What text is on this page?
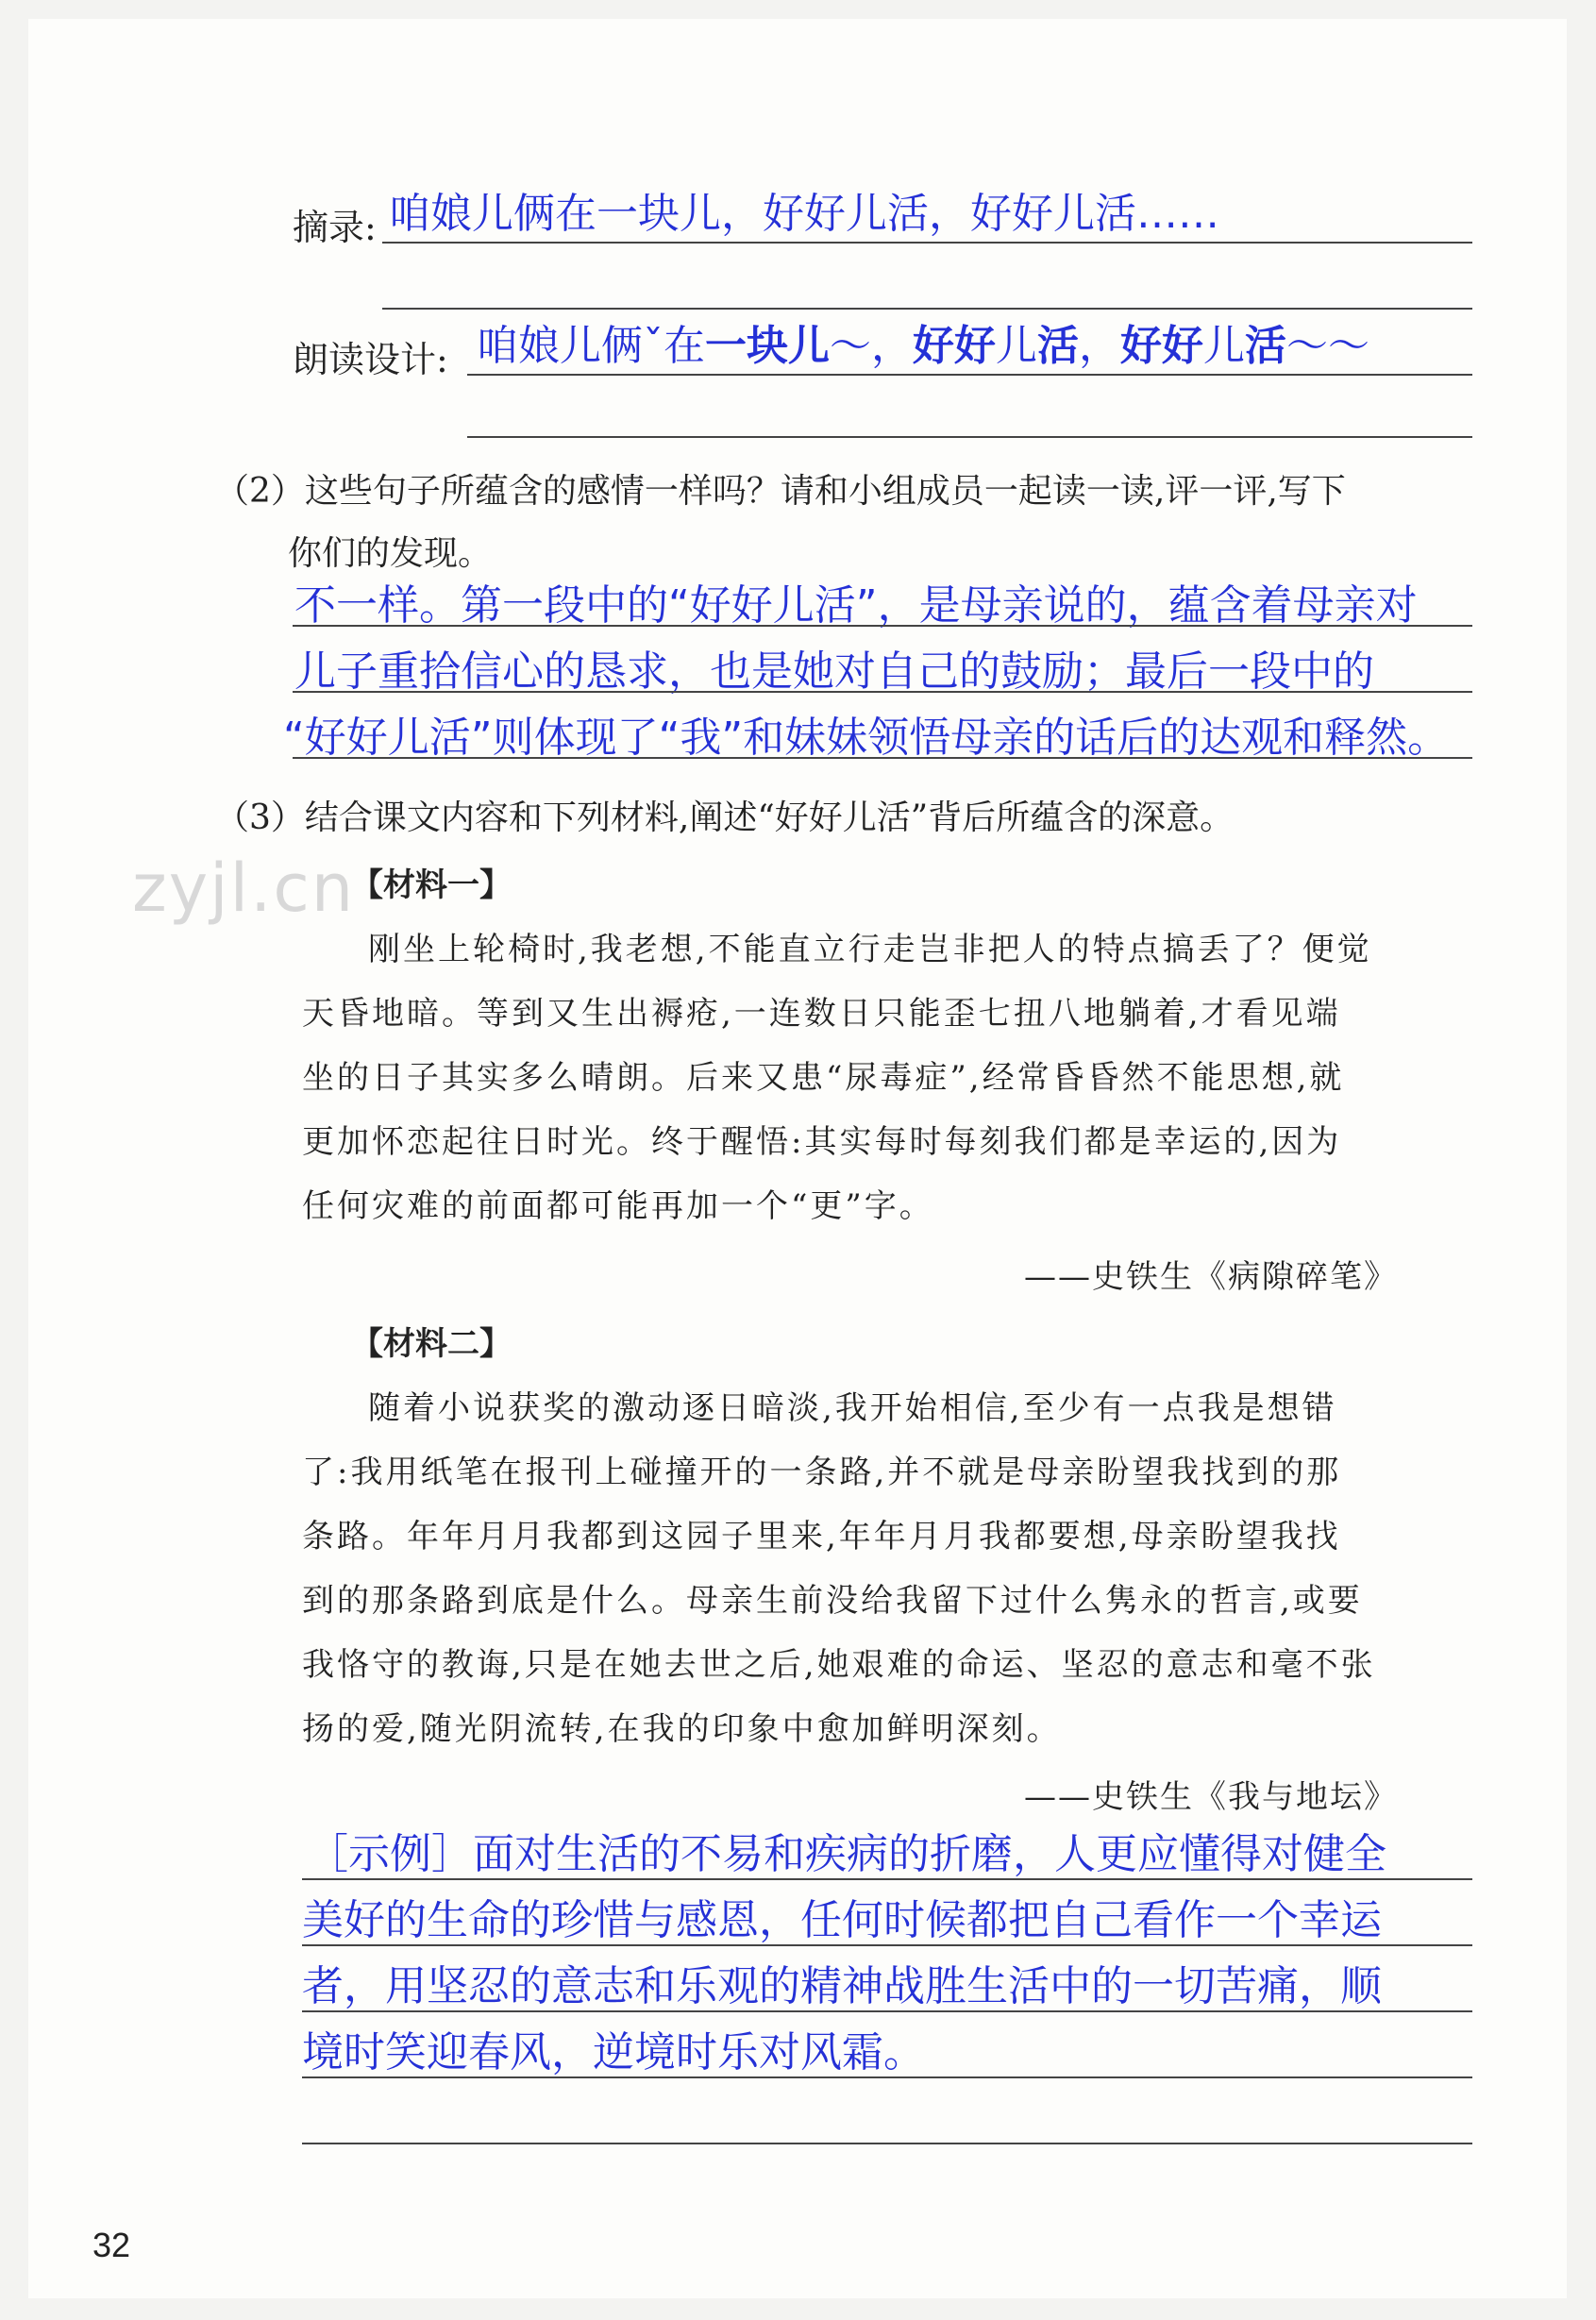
摘录: 咱娘儿俩在一块儿，好好儿活，好好儿活……
朗读设计: 咱娘儿俩ˇ在一块儿～，好好儿活，好好儿活～～
（2）这些句子所蕴含的感情一样吗？请和小组成员一起读一读,评一评,写下
你们的发现。
不一样。第一段中的“好好儿活”，是母亲说的，蕴含着母亲对
儿子重拾信心的恳求，也是她对自己的鼓励；最后一段中的
“好好儿活”则体现了“我”和妹妹领悟母亲的话后的达观和释然。
（3）结合课文内容和下列材料,阐述“好好儿活”背后所蕴含的深意。
zyjl.cn
【材料一】
刚坐上轮椅时,我老想,不能直立行走岂非把人的特点搞丢了？便觉
天昏地暗。等到又生出褥疮,一连数日只能歪七扭八地躺着,才看见端
坐的日子其实多么晴朗。后来又患“尿毒症”,经常昏昏然不能思想,就
更加怀恋起往日时光。终于醒悟:其实每时每刻我们都是幸运的,因为
任何灾难的前面都可能再加一个“更”字。
——史铁生《病隙碎笔》
【材料二】
随着小说获奖的激动逐日暗淡,我开始相信,至少有一点我是想错
了:我用纸笔在报刊上碰撞开的一条路,并不就是母亲盼望我找到的那
条路。年年月月我都到这园子里来,年年月月我都要想,母亲盼望我找
到的那条路到底是什么。母亲生前没给我留下过什么隽永的哲言,或要
我恪守的教诲,只是在她去世之后,她艰难的命运、坚忍的意志和毫不张
扬的爱,随光阴流转,在我的印象中愈加鲜明深刻。
——史铁生《我与地坛》
［示例］面对生活的不易和疾病的折磨，人更应懂得对健全
美好的生命的珍惜与感恩，任何时候都把自己看作一个幸运
者，用坚忍的意志和乐观的精神战胜生活中的一切苦痛，顺
境时笑迎春风，逆境时乐对风霜。
32
